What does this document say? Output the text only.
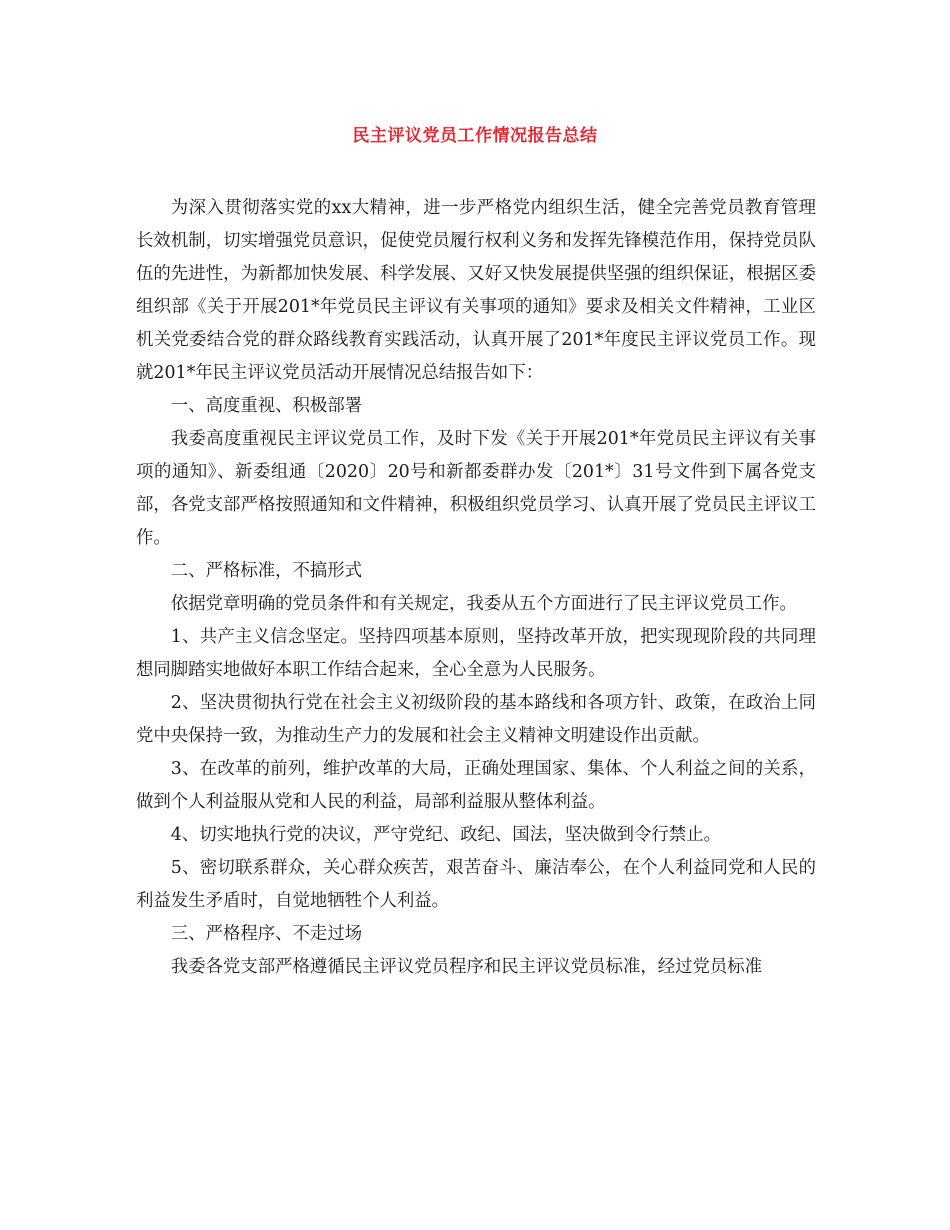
民主评议党员工作情况报告总结

为深入贯彻落实党的xx大精神，进一步严格党内组织生活，健全完善党员教育管理长效机制，切实增强党员意识，促使党员履行权利义务和发挥先锋模范作用，保持党员队伍的先进性，为新都加快发展、科学发展、又好又快发展提供坚强的组织保证，根据区委组织部《关于开展201*年党员民主评议有关事项的通知》要求及相关文件精神，工业区机关党委结合党的群众路线教育实践活动，认真开展了201*年度民主评议党员工作。现就201*年民主评议党员活动开展情况总结报告如下：

一、高度重视、积极部署

我委高度重视民主评议党员工作，及时下发《关于开展201*年党员民主评议有关事项的通知》、新委组通〔2020〕20号和新都委群办发〔201*〕31号文件到下属各党支部，各党支部严格按照通知和文件精神，积极组织党员学习、认真开展了党员民主评议工作。

二、严格标准，不搞形式

依据党章明确的党员条件和有关规定，我委从五个方面进行了民主评议党员工作。

1、共产主义信念坚定。坚持四项基本原则，坚持改革开放，把实现现阶段的共同理想同脚踏实地做好本职工作结合起来，全心全意为人民服务。

2、坚决贯彻执行党在社会主义初级阶段的基本路线和各项方针、政策，在政治上同党中央保持一致，为推动生产力的发展和社会主义精神文明建设作出贡献。

3、在改革的前列，维护改革的大局，正确处理国家、集体、个人利益之间的关系，做到个人利益服从党和人民的利益，局部利益服从整体利益。

4、切实地执行党的决议，严守党纪、政纪、国法，坚决做到令行禁止。

5、密切联系群众，关心群众疾苦，艰苦奋斗、廉洁奉公，在个人利益同党和人民的利益发生矛盾时，自觉地牺牲个人利益。

三、严格程序、不走过场

我委各党支部严格遵循民主评议党员程序和民主评议党员标准，经过党员标准
